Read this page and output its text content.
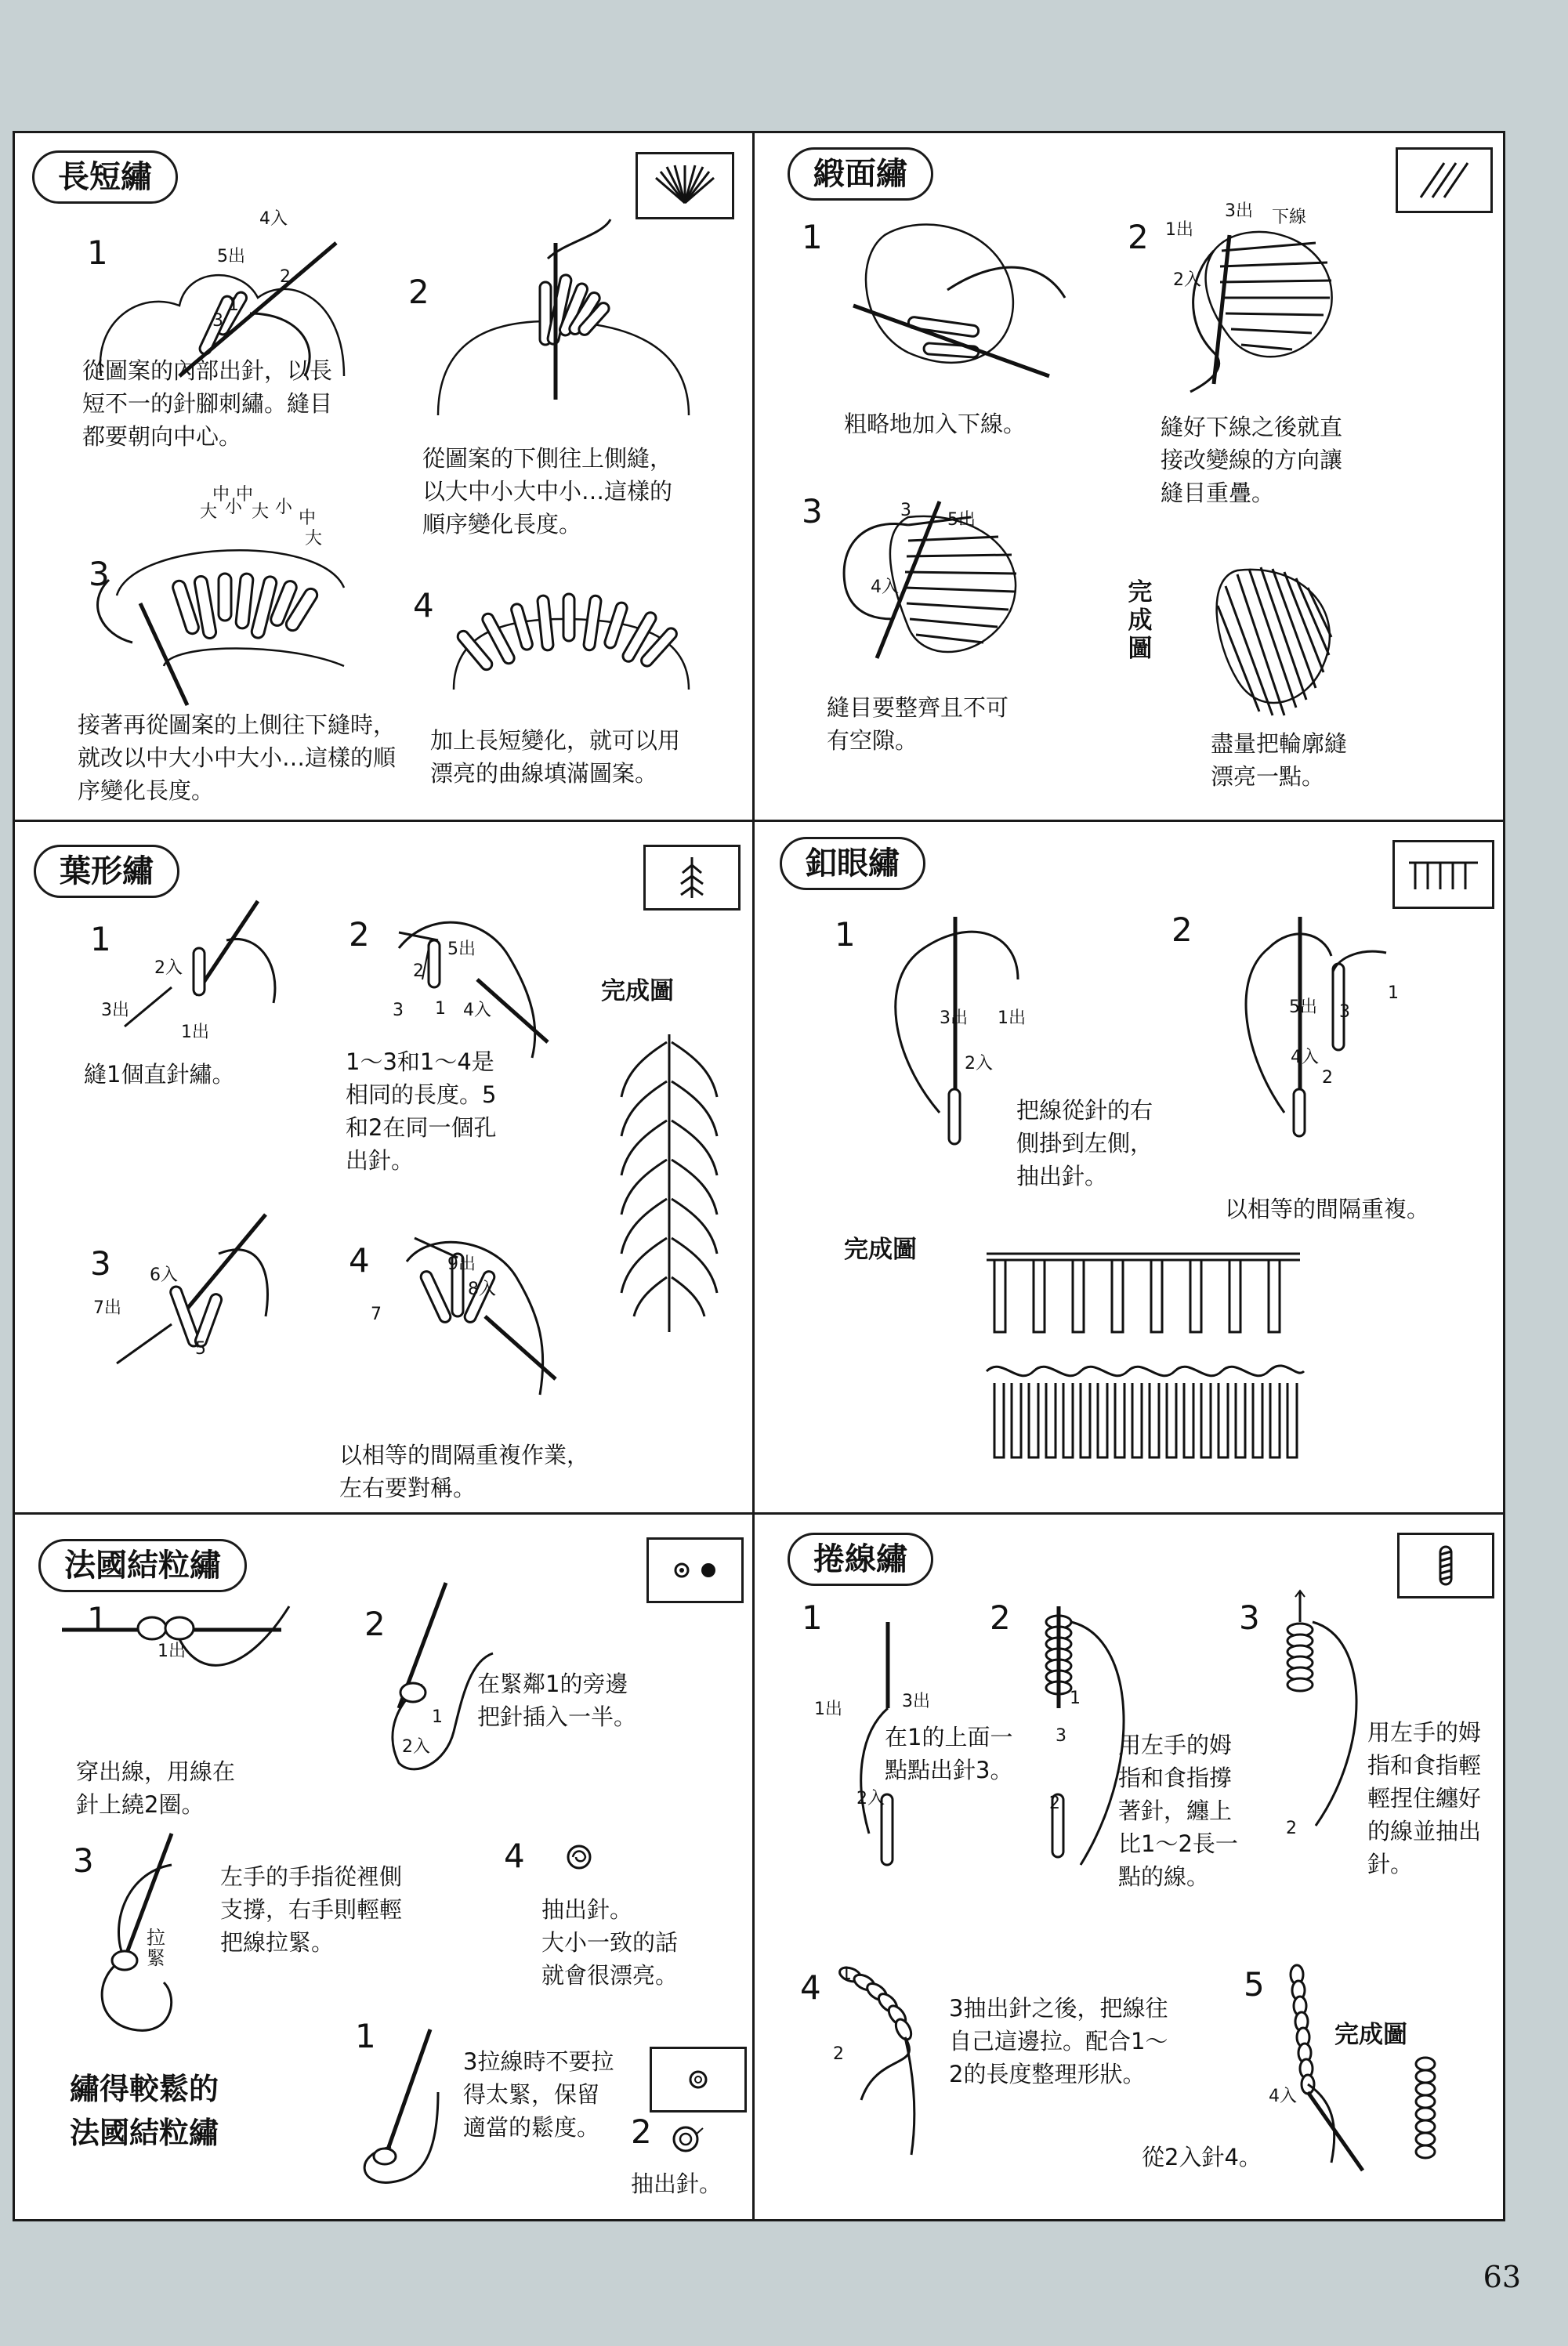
長短繡
1
4入
5出
2
3
1
從圖案的內部出針，以長
短不一的針腳刺繡。縫目
都要朝向中心。
2
從圖案的下側往上側縫，
以大中小大中小…這樣的
順序變化長度。
3
中 中
大 小 大 小
中
大
接著再從圖案的上側往下縫時，
就改以中大小中大小…這樣的順
序變化長度。
4
加上長短變化，就可以用
漂亮的曲線填滿圖案。
緞面繡
1
粗略地加入下線。
2 1出
3出 下線
2入
縫好下線之後就直
接改變線的方向讓
縫目重疊。
3	3 5出
4入
縫目要整齊且不可
有空隙。
完成圖
盡量把輪廓縫
漂亮一點。
葉形繡
1
2入
3出
1出
縫1個直針繡。
2	5出
2
3 1 4入
1～3和1～4是
相同的長度。5
和2在同一個孔
出針。
完成圖
3 6入
7出
5
4	9出
8入
7
以相等的間隔重複作業，
左右要對稱。
釦眼繡
1
3出 1出
2入
把線從針的右
側掛到左側，
抽出針。
2
5出 3
1
4入
2
以相等的間隔重複。
完成圖
法國結粒繡
1
1出
穿出線，用線在
針上繞2圈。
2
1
2入
在緊鄰1的旁邊
把針插入一半。
3
拉緊
左手的手指從裡側
支撐，右手則輕輕
把線拉緊。
4
抽出針。
大小一致的話
就會很漂亮。
繡得較鬆的
法國結粒繡
1
3拉線時不要拉
得太緊，保留
適當的鬆度。 2
抽出針。
捲線繡
1
1出	3出
2入
在1的上面一
點點出針3。
2
1
3
2
用左手的姆
指和食指撐
著針，纏上
比1～2長一
點的線。
3
2
用左手的姆
指和食指輕
輕捏住纏好
的線並抽出
針。
4 1
2
3抽出針之後，把線往
自己這邊拉。配合1～
2的長度整理形狀。
5
4入
從2入針4。
完成圖
63
